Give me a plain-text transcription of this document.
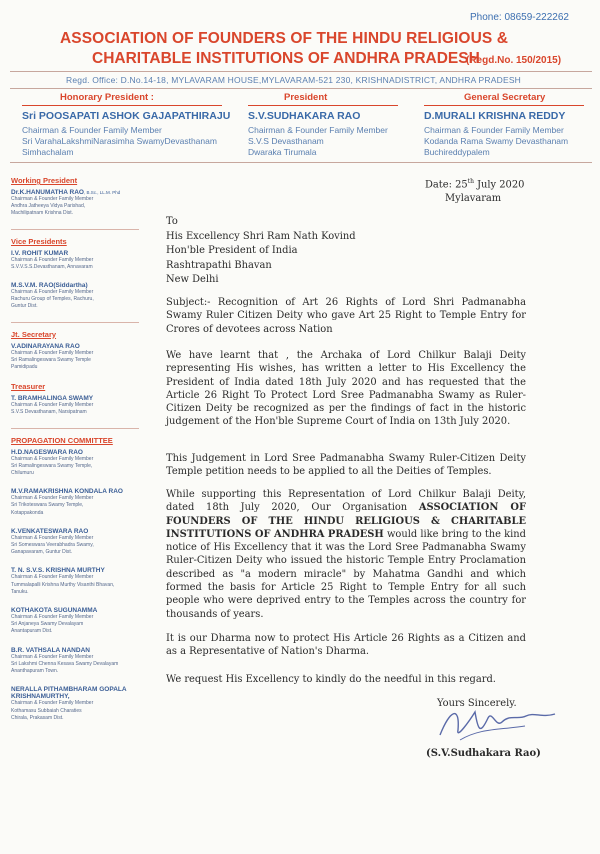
Phone: 08659-222262
ASSOCIATION OF FOUNDERS OF THE HINDU RELIGIOUS &
CHARITABLE INSTITUTIONS OF ANDHRA PRADESH
(Regd.No. 150/2015)
Regd. Office: D.No.14-18, MYLAVARAM HOUSE,MYLAVARAM-521 230, KRISHNADISTRICT, ANDHRA PRADESH
Honorary President :
Sri POOSAPATI ASHOK GAJAPATHIRAJU
Chairman & Founder Family Member
Sri VarahaLakshmiNarasimha SwamyDevasthanam
Simhachalam
President
S.V.SUDHAKARA RAO
Chairman & Founder Family Member
S.V.S Devasthanam
Dwaraka Tirumala
General Secretary
D.MURALI KRISHNA REDDY
Chairman & Founder Family Member
Kodanda Rama Swamy Devasthanam
Buchireddypalem
Working President
Dr.K.HANUMATHA RAO, B.Sc., LL.M. Phd
Chairman & Founder Family Member
Andhra Jatheeya Vidya Parishad,
Machilipatnam Krishna Dist.
Vice Presidents
I.V. ROHIT KUMAR
Chairman & Founder Family Member
S.V.V.S.S.Devasthanam, Annavaram
M.S.V.M. RAO(Siddartha)
Chairman & Founder Family Member
Rachuru Group of Temples, Rachuru,
Guntur Dist.
Jt. Secretary
V.ADINARAYANA RAO
Chairman & Founder Family Member
Sri Ramalingeswara Swamy Temple
Pamidipadu
Treasurer
T. BRAMHALINGA SWAMY
Chairman & Founder Family Member
S.V.S Devasthanam, Narsipatnam
PROPAGATION COMMITTEE
H.D.NAGESWARA RAO
Chairman & Founder Family Member
Sri Ramalingeswara Swamy Temple,
Chilumuru
M.V.RAMAKRISHNA KONDALA RAO
Chairman & Founder Family Member
Sri Trikoteswara Swamy Temple,
Kotappakonda
K.VENKATESWARA RAO
Chairman & Founder Family Member
Sri Someswara Veerabhadra Swamy,
Ganapavaram, Guntur Dist.
T. N. S.V.S. KRISHNA MURTHY
Chairman & Founder Family Member
Tummalapalli Krishna Murthy Visanthi Bhavan,
Tanuku.
KOTHAKOTA SUGUNAMMA
Chairman & Founder Family Member
Sri Anjaneya Swamy Devalayam
Anantapuram Dist.
B.R. VATHSALA NANDAN
Chairman & Founder Family Member
Sri Lakshmi Chenna Kesava Swamy Devalayam
Ananthapuram Town.
NERALLA PITHAMBHARAM GOPALA KRISHNAMURTHY,
Chairman & Founder Family Member
Kothamasu Subbaiah Charaties
Chirala, Prakasam Dist.
Date: 25th July 2020
Mylavaram
To
His Excellency Shri Ram Nath Kovind
Hon'ble President of India
Rashtrapathi Bhavan
New Delhi
Subject:- Recognition of Art 26 Rights of Lord Shri Padmanabha Swamy Ruler Citizen Deity who gave Art 25 Right to Temple Entry for Crores of devotees across Nation
We have learnt that , the Archaka of Lord Chilkur Balaji Deity representing His wishes, has written a letter to His Excellency the President of India dated 18th July 2020 and has requested that the Article 26 Right To Protect Lord Sree Padmanabha Swamy as Ruler-Citizen Deity be recognized as per the findings of fact in the historic judgement of the Hon'ble Supreme Court of India on 13th July 2020.
This Judgement in Lord Sree Padmanabha Swamy Ruler-Citizen Deity Temple petition needs to be applied to all the Deities of Temples.
While supporting this Representation of Lord Chilkur Balaji Deity, dated 18th July 2020, Our Organisation ASSOCIATION OF FOUNDERS OF THE HINDU RELIGIOUS & CHARITABLE INSTITUTIONS OF ANDHRA PRADESH would like bring to the kind notice of His Excellency that it was the Lord Sree Padmanabha Swamy Ruler-Citizen Deity who issued the historic Temple Entry Proclamation described as "a modern miracle" by Mahatma Gandhi and which formed the basis for Article 25 Right to Temple Entry for all such people who were deprived entry to the Temples across the country for thousands of years.
It is our Dharma now to protect His Article 26 Rights as a Citizen and as a Representative of Nation's Dharma.
We request His Excellency to kindly do the needful in this regard.
Yours Sincerely.
(S.V.Sudhakara Rao)
